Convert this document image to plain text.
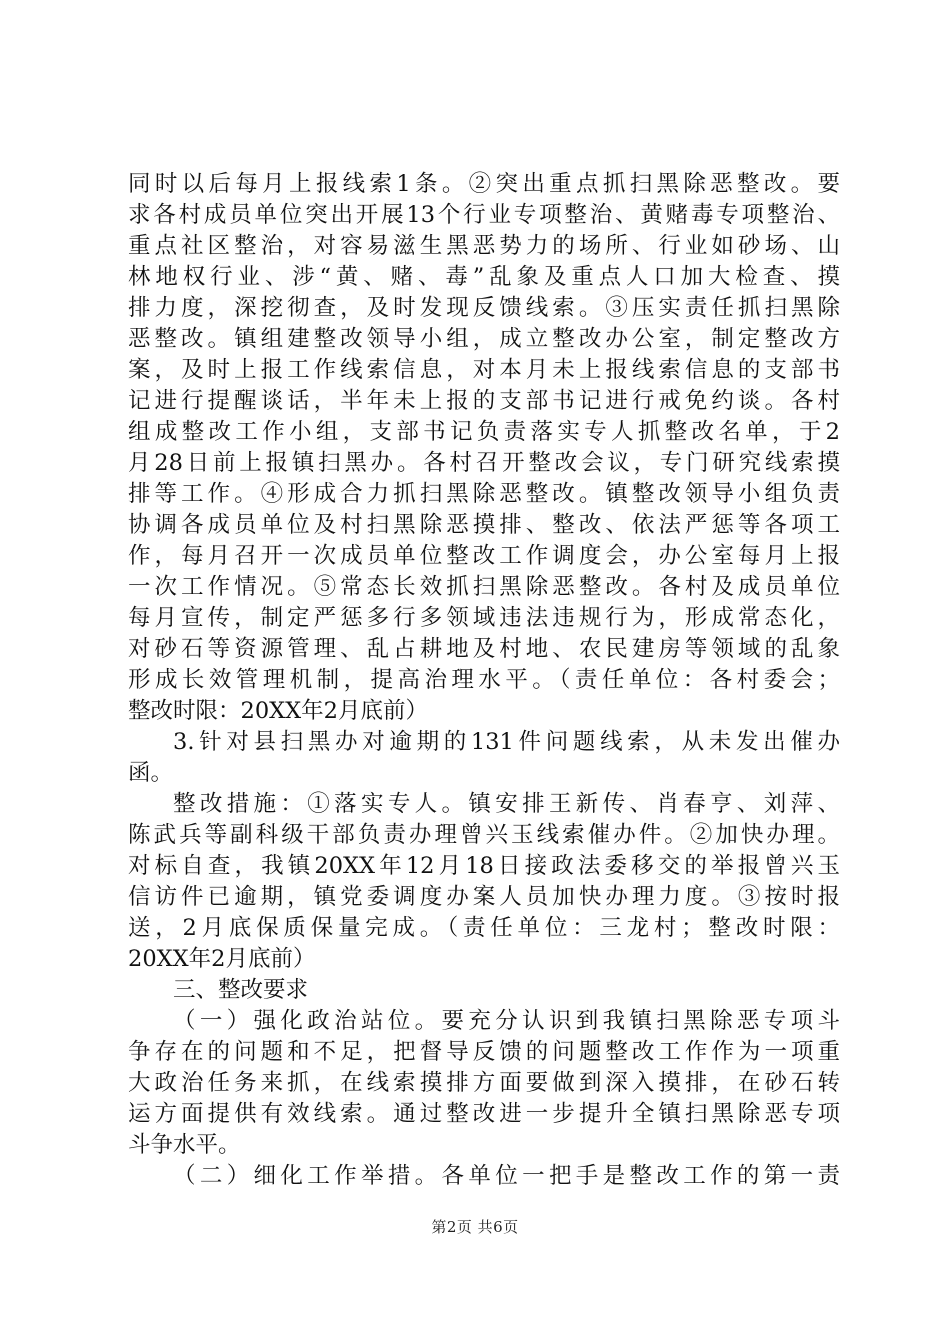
同时以后每月上报线索1条。②突出重点抓扫黑除恶整改。要
求各村成员单位突出开展13个行业专项整治、黄赌毒专项整治、
重点社区整治，对容易滋生黑恶势力的场所、行业如砂场、山
林地权行业、涉“黄、赌、毒”乱象及重点人口加大检查、摸
排力度，深挖彻查，及时发现反馈线索。③压实责任抓扫黑除
恶整改。镇组建整改领导小组，成立整改办公室，制定整改方
案，及时上报工作线索信息，对本月未上报线索信息的支部书
记进行提醒谈话，半年未上报的支部书记进行戒免约谈。各村
组成整改工作小组，支部书记负责落实专人抓整改名单，于2
月28日前上报镇扫黑办。各村召开整改会议，专门研究线索摸
排等工作。④形成合力抓扫黑除恶整改。镇整改领导小组负责
协调各成员单位及村扫黑除恶摸排、整改、依法严惩等各项工
作，每月召开一次成员单位整改工作调度会，办公室每月上报
一次工作情况。⑤常态长效抓扫黑除恶整改。各村及成员单位
每月宣传，制定严惩多行多领域违法违规行为，形成常态化，
对砂石等资源管理、乱占耕地及村地、农民建房等领域的乱象
形成长效管理机制，提高治理水平。（责任单位：各村委会；
整改时限：20XX年2月底前）
3.针对县扫黑办对逾期的131件问题线索，从未发出催办
函。
整改措施：①落实专人。镇安排王新传、肖春亨、刘萍、
陈武兵等副科级干部负责办理曾兴玉线索催办件。②加快办理。
对标自查，我镇20XX年12月18日接政法委移交的举报曾兴玉
信访件已逾期，镇党委调度办案人员加快办理力度。③按时报
送，2月底保质保量完成。（责任单位：三龙村；整改时限：
20XX年2月底前）
三、整改要求
（一）强化政治站位。要充分认识到我镇扫黑除恶专项斗
争存在的问题和不足，把督导反馈的问题整改工作作为一项重
大政治任务来抓，在线索摸排方面要做到深入摸排，在砂石转
运方面提供有效线索。通过整改进一步提升全镇扫黑除恶专项
斗争水平。
（二）细化工作举措。各单位一把手是整改工作的第一责
第2页 共6页
